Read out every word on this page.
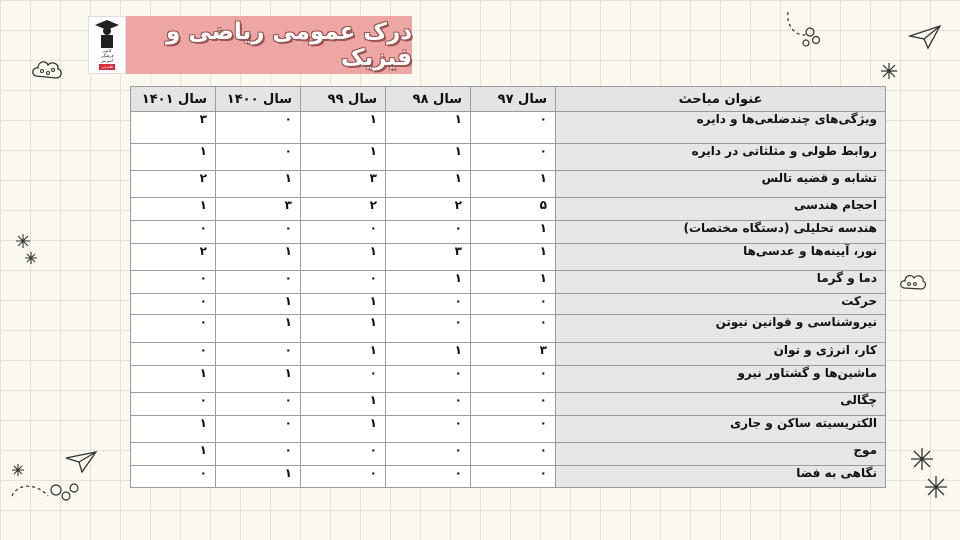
کانون
فرهنگی
آموزش
قلم‌چی
درک عمومی ریاضی و فیزیک
عنوان مباحث	سال ۹۷	سال ۹۸	سال ۹۹	سال ۱۴۰۰	سال ۱۴۰۱
ویژگی‌های چندضلعی‌ها و دایره	۰	۱	۱	۰	۳
روابط طولی و مثلثاتی در دایره	۰	۱	۱	۰	۱
تشابه و قضیه تالس	۱	۱	۳	۱	۲
احجام هندسی	۵	۲	۲	۳	۱
هندسه تحلیلی (دستگاه مختصات)	۱	۰	۰	۰	۰
نور، آیینه‌ها و عدسی‌ها	۱	۳	۱	۱	۲
دما و گرما	۱	۱	۰	۰	۰
حرکت	۰	۰	۱	۱	۰
نیروشناسی و قوانین نیوتن	۰	۰	۱	۱	۰
کار، انرژی و توان	۳	۱	۱	۰	۰
ماشین‌ها و گشتاور نیرو	۰	۰	۰	۱	۱
چگالی	۰	۰	۱	۰	۰
الکتریسیته ساکن و جاری	۰	۰	۱	۰	۱
موج	۰	۰	۰	۰	۱
نگاهی به فضا	۰	۰	۰	۱	۰
